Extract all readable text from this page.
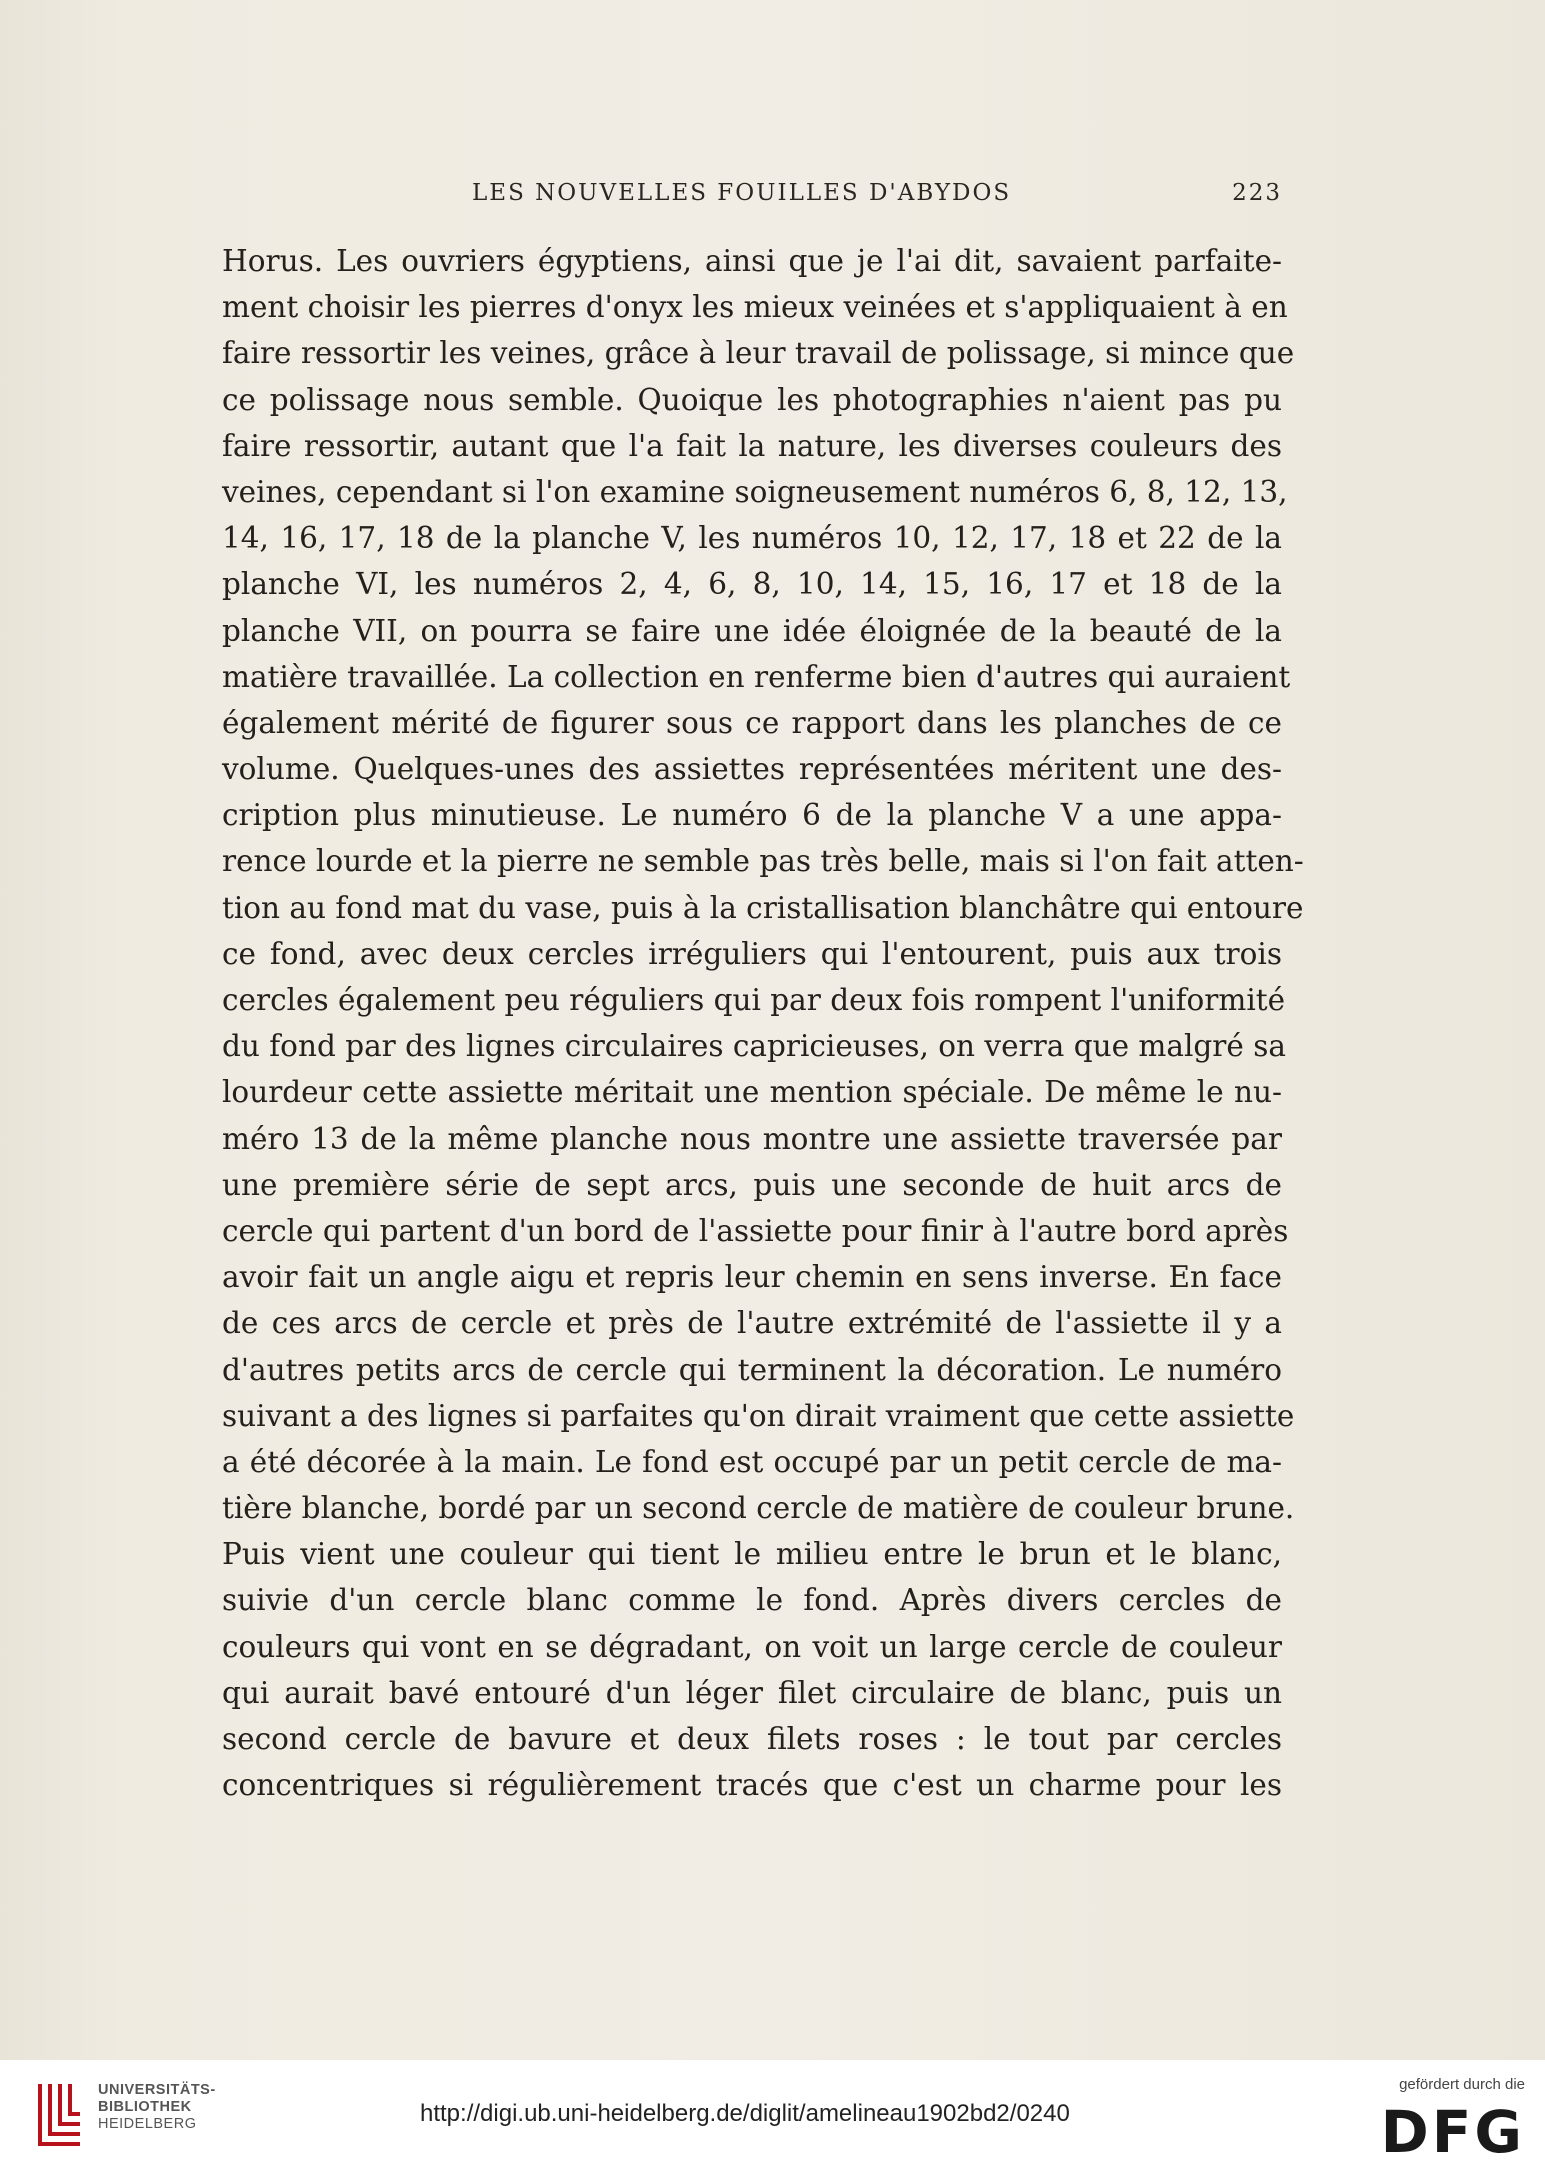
LES NOUVELLES FOUILLES D'ABYDOS	223
Horus. Les ouvriers égyptiens, ainsi que je l'ai dit, savaient parfaite-
ment choisir les pierres d'onyx les mieux veinées et s'appliquaient à en
faire ressortir les veines, grâce à leur travail de polissage, si mince que
ce polissage nous semble. Quoique les photographies n'aient pas pu
faire ressortir, autant que l'a fait la nature, les diverses couleurs des
veines, cependant si l'on examine soigneusement numéros 6, 8, 12, 13,
14, 16, 17, 18 de la planche V, les numéros 10, 12, 17, 18 et 22 de la
planche VI, les numéros 2, 4, 6, 8, 10, 14, 15, 16, 17 et 18 de la
planche VII, on pourra se faire une idée éloignée de la beauté de la
matière travaillée. La collection en renferme bien d'autres qui auraient
également mérité de figurer sous ce rapport dans les planches de ce
volume. Quelques-unes des assiettes représentées méritent une des-
cription plus minutieuse. Le numéro 6 de la planche V a une appa-
rence lourde et la pierre ne semble pas très belle, mais si l'on fait atten-
tion au fond mat du vase, puis à la cristallisation blanchâtre qui entoure
ce fond, avec deux cercles irréguliers qui l'entourent, puis aux trois
cercles également peu réguliers qui par deux fois rompent l'uniformité
du fond par des lignes circulaires capricieuses, on verra que malgré sa
lourdeur cette assiette méritait une mention spéciale. De même le nu-
méro 13 de la même planche nous montre une assiette traversée par
une première série de sept arcs, puis une seconde de huit arcs de
cercle qui partent d'un bord de l'assiette pour finir à l'autre bord après
avoir fait un angle aigu et repris leur chemin en sens inverse. En face
de ces arcs de cercle et près de l'autre extrémité de l'assiette il y a
d'autres petits arcs de cercle qui terminent la décoration. Le numéro
suivant a des lignes si parfaites qu'on dirait vraiment que cette assiette
a été décorée à la main. Le fond est occupé par un petit cercle de ma-
tière blanche, bordé par un second cercle de matière de couleur brune.
Puis vient une couleur qui tient le milieu entre le brun et le blanc,
suivie d'un cercle blanc comme le fond. Après divers cercles de
couleurs qui vont en se dégradant, on voit un large cercle de couleur
qui aurait bavé entouré d'un léger filet circulaire de blanc, puis un
second cercle de bavure et deux filets roses : le tout par cercles
concentriques si régulièrement tracés que c'est un charme pour les
UNIVERSITÄTS-
BIBLIOTHEK
HEIDELBERG	http://digi.ub.uni-heidelberg.de/diglit/amelineau1902bd2/0240
gefördert durch die
DFG
